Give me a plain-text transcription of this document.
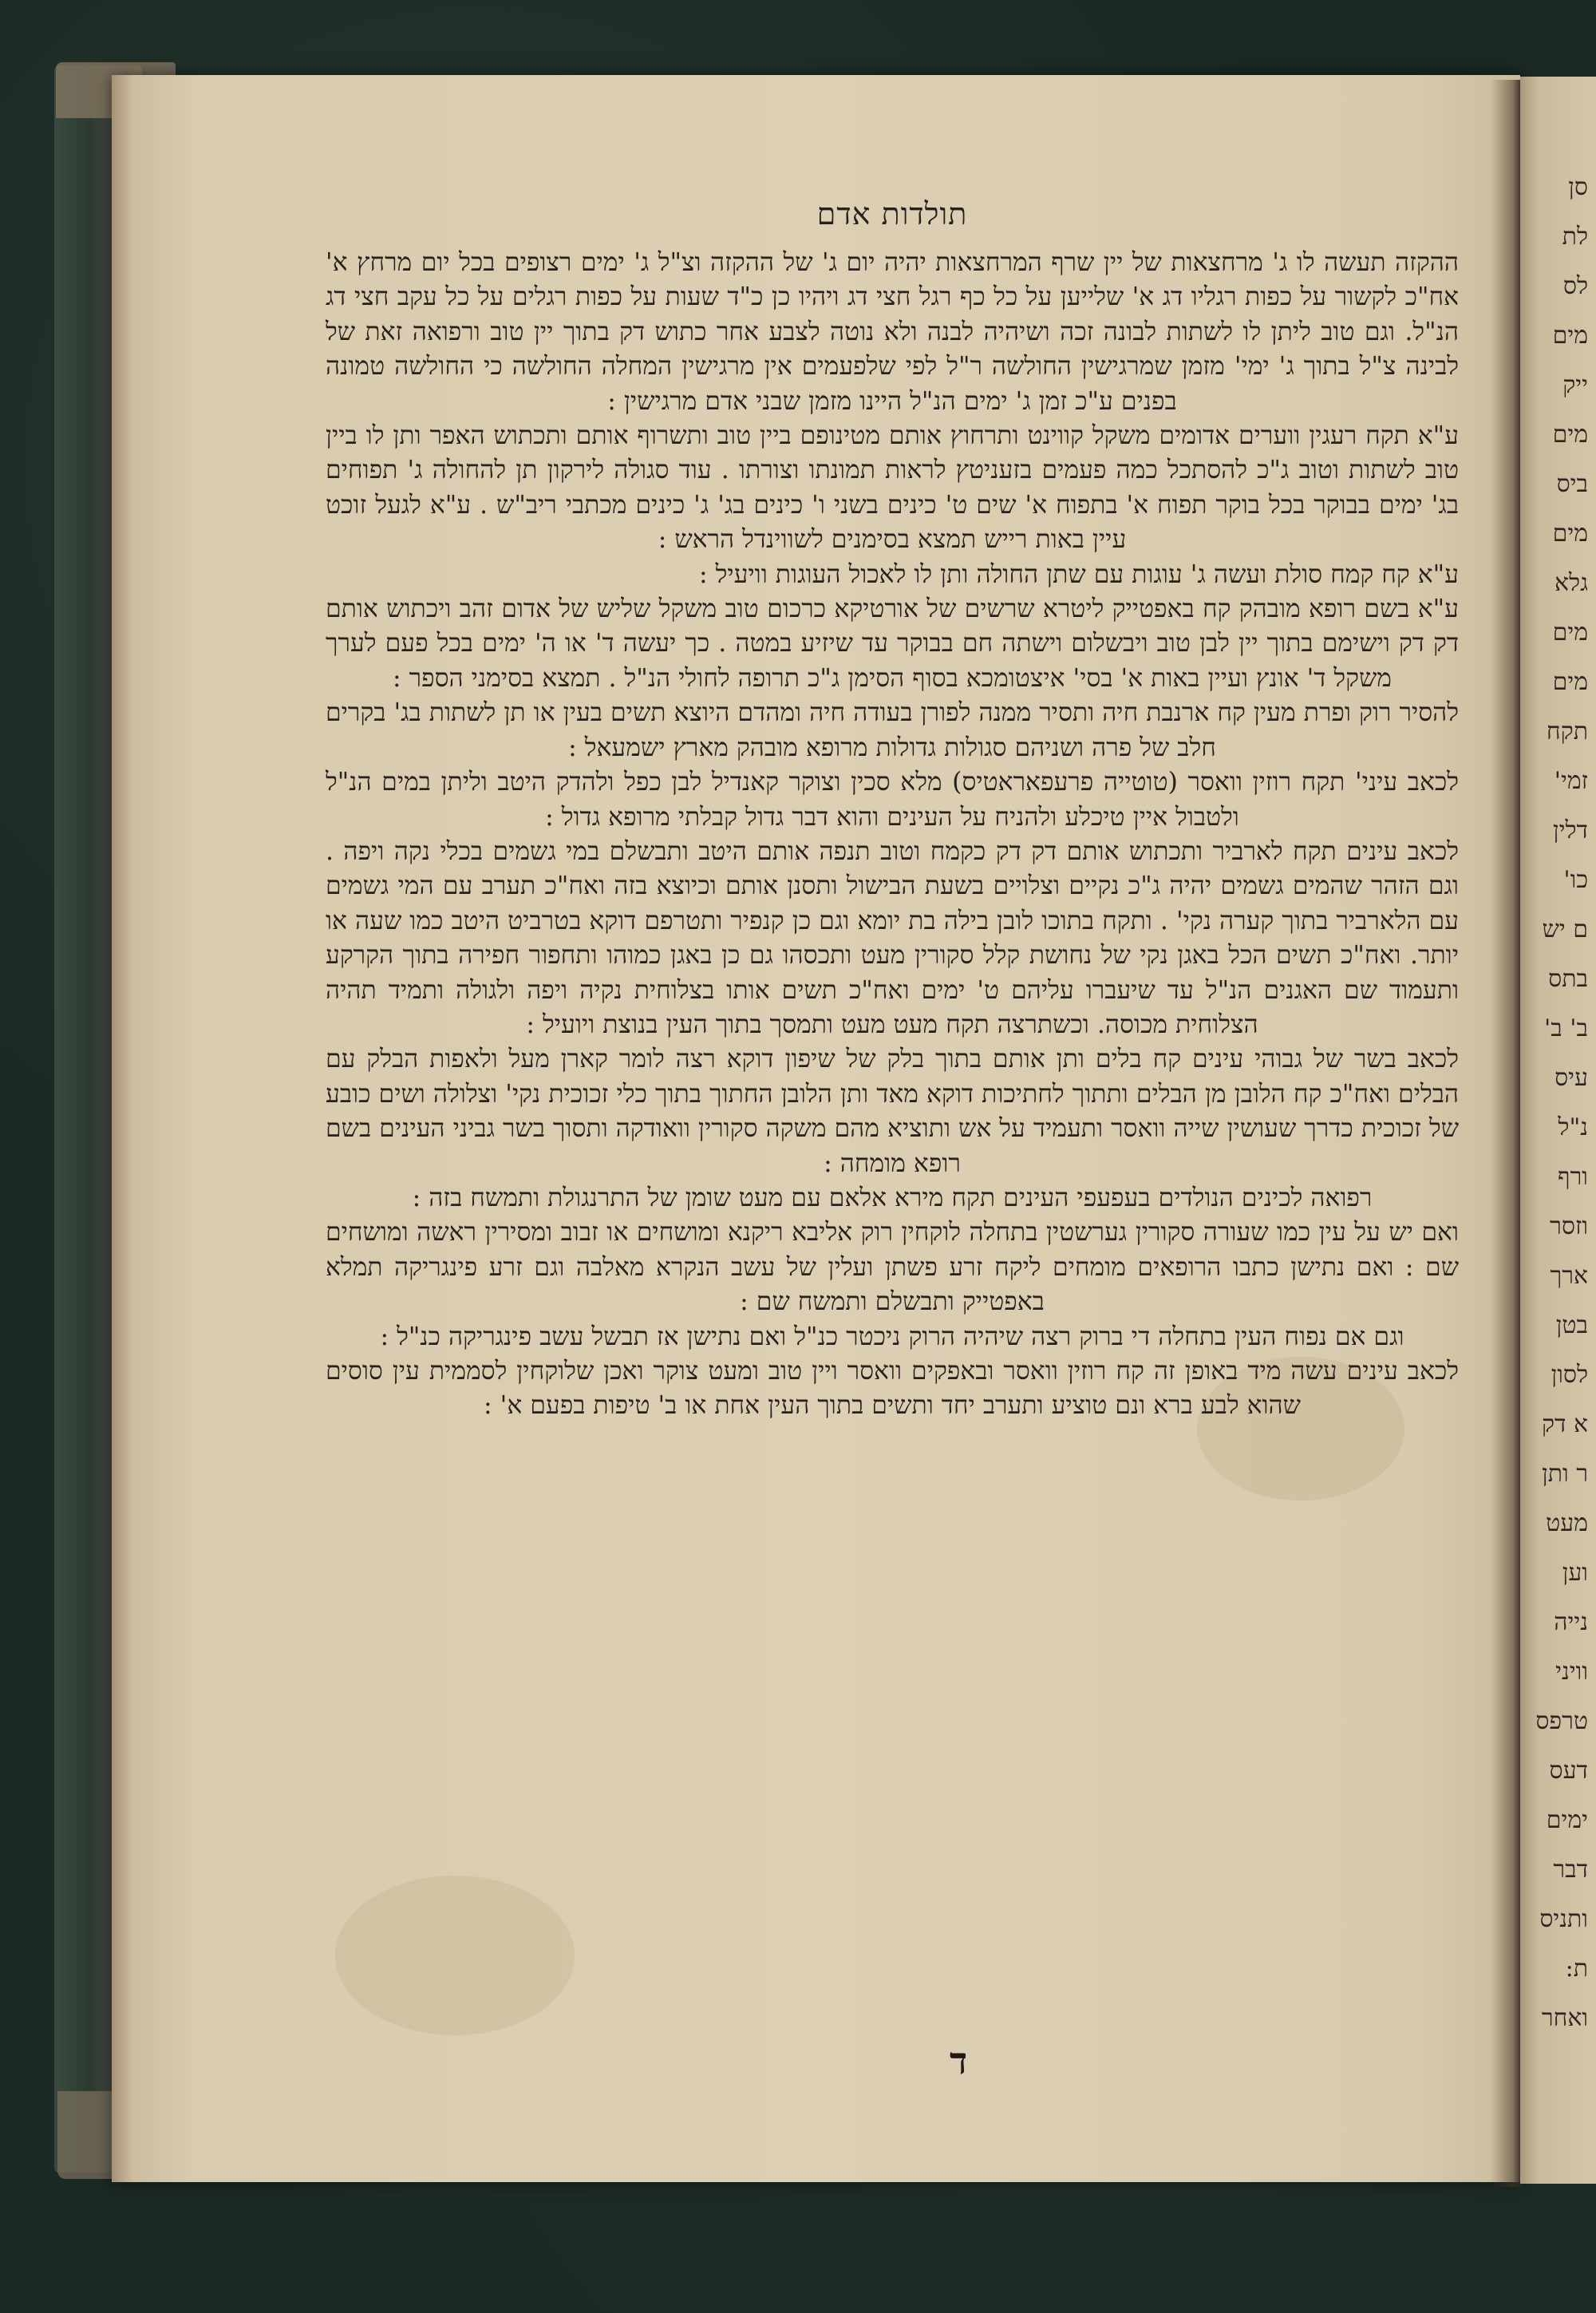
סן
לת
לס
מים
ייק
מים
ביס
מים
גלא
מים
מים
תקח
זמי'
דלין
כו'
ם יש
בתס
ב' ב'
עיס
נ"ל
ורף
וזסר
ארך
בטן
לסון
א דק
ר ותן
מעט
וען
נייה
וויני
טרפס
דעס
ימים
דבר
ותניס
ת:
ואחר
תולדות אדם

ההקזה תעשה לו ג' מרחצאות של יין שרף המרחצאות יהיה יום ג' של ההקזה וצ"ל ג' ימים רצופים בכל יום מרחץ א' אח"כ לקשור על כפות רגליו דג א' שלייען על כל כף רגל חצי דג ויהיו כן כ"ד שעות על כפות רגלים על כל עקב חצי דג הנ"ל. וגם טוב ליתן לו לשתות לבונה זכה ושיהיה לבנה ולא נוטה לצבע אחר כתוש דק בתוך יין טוב ורפואה זאת של לבינה צ"ל בתוך ג' ימי' מזמן שמרגישין החולשה ר"ל לפי שלפעמים אין מרגישין המחלה החולשה כי החולשה טמונה בפנים ע"כ זמן ג' ימים הנ"ל היינו מזמן שבני אדם מרגישין :

ע"א תקח רעגין ווערים אדומים משקל קווינט ותרחוץ אותם מטינופם ביין טוב ותשרוף אותם ותכתוש האפר ותן לו ביין טוב לשתות וטוב ג"כ להסתכל כמה פעמים בזעניטץ לראות תמונתו וצורתו . עוד סגולה לירקון תן להחולה ג' תפוחים בג' ימים בבוקר בכל בוקר תפוח א' בתפוח א' שים ט' כינים בשני ו' כינים בג' ג' כינים מכתבי ריב"ש . ע"א לגעל זוכט עיין באות רייש תמצא בסימנים לשווינדל הראש :

ע"א קח קמח סולת ועשה ג' עוגות עם שתן החולה ותן לו לאכול העוגות וויעיל :

ע"א בשם רופא מובהק קח באפטייק ליטרא שרשים של אורטיקא כרכום טוב משקל שליש של אדום זהב ויכתוש אותם דק דק וישימם בתוך יין לבן טוב ויבשלום וישתה חם בבוקר עד שיזיע במטה . כך יעשה ד' או ה' ימים בכל פעם לערך משקל ד' אונץ ועיין באות א' בסי' איצטומכא בסוף הסימן ג"כ תרופה לחולי הנ"ל . תמצא בסימני הספר :

להסיר רוק ופרת מעין קח ארנבת חיה ותסיר ממנה לפורן בעודה חיה ומהדם היוצא תשים בעין או תן לשתות בג' בקרים חלב של פרה ושניהם סגולות גדולות מרופא מובהק מארץ ישמעאל :

לכאב עיני' תקח רוזין וואסר (טוטייה פרעפאראטיס) מלא סכין וצוקר קאנדיל לבן כפל ולהדק היטב וליתן במים הנ"ל ולטבול איין טיכלע ולהניח על העינים והוא דבר גדול קבלתי מרופא גדול :

לכאב עינים תקח לארביר ותכתוש אותם דק דק כקמח וטוב תנפה אותם היטב ותבשלם במי גשמים בכלי נקה ויפה . וגם הזהר שהמים גשמים יהיה ג"כ נקיים וצלויים בשעת הבישול ותסנן אותם וכיוצא בזה ואח"כ תערב עם המי גשמים עם הלארביר בתוך קערה נקי' . ותקח בתוכו לובן בילה בת יומא וגם כן קנפיר ותטרפם דוקא בטרביט היטב כמו שעה או יותר. ואח"כ תשים הכל באגן נקי של נחושת קלל סקורין מעט ותכסהו גם כן באגן כמוהו ותחפור חפירה בתוך הקרקע ותעמוד שם האגנים הנ"ל עד שיעברו עליהם ט' ימים ואח"כ תשים אותו בצלוחית נקיה ויפה ולגולה ותמיד תהיה הצלוחית מכוסה. וכשתרצה תקח מעט מעט ותמסך בתוך העין בנוצת ויועיל :

לכאב בשר של גבוהי עינים קח בלים ותן אותם בתוך בלק של שיפון דוקא רצה לומר קארן מעל ולאפות הבלק עם הבלים ואח"כ קח הלובן מן הבלים ותתוך לחתיכות דוקא מאד ותן הלובן החתוך בתוך כלי זכוכית נקי' וצלולה ושים כובע של זכוכית כדרך שעושין שייה וואסר ותעמיד על אש ותוציא מהם משקה סקורין וואודקה ותסוך בשר גביני העינים בשם רופא מומחה :

רפואה לכינים הנולדים בעפעפי העינים תקח מירא אלאם עם מעט שומן של התרנגולת ותמשח בזה :

ואם יש על עין כמו שעורה סקורין גערשטין בתחלה לוקחין רוק אליבא ריקנא ומושחים או זבוב ומסירין ראשה ומושחים שם : ואם נתישן כתבו הרופאים מומחים ליקח זרע פשתן ועלין של עשב הנקרא מאלבה וגם זרע פינגריקה תמלא באפטייק ותבשלם ותמשח שם :

וגם אם נפוח העין בתחלה די ברוק רצה שיהיה הרוק ניכטר כנ"ל ואם נתישן אז תבשל עשב פינגריקה כנ"ל :

לכאב עינים עשה מיד באופן זה קח רוזין וואסר ובאפקים וואסר ויין טוב ומעט צוקר ואכן שלוקחין לסממית עין סוסים שהוא לבע ברא ונם טוציע ותערב יחד ותשים בתוך העין אחת או ב' טיפות בפעם א' :

ד
